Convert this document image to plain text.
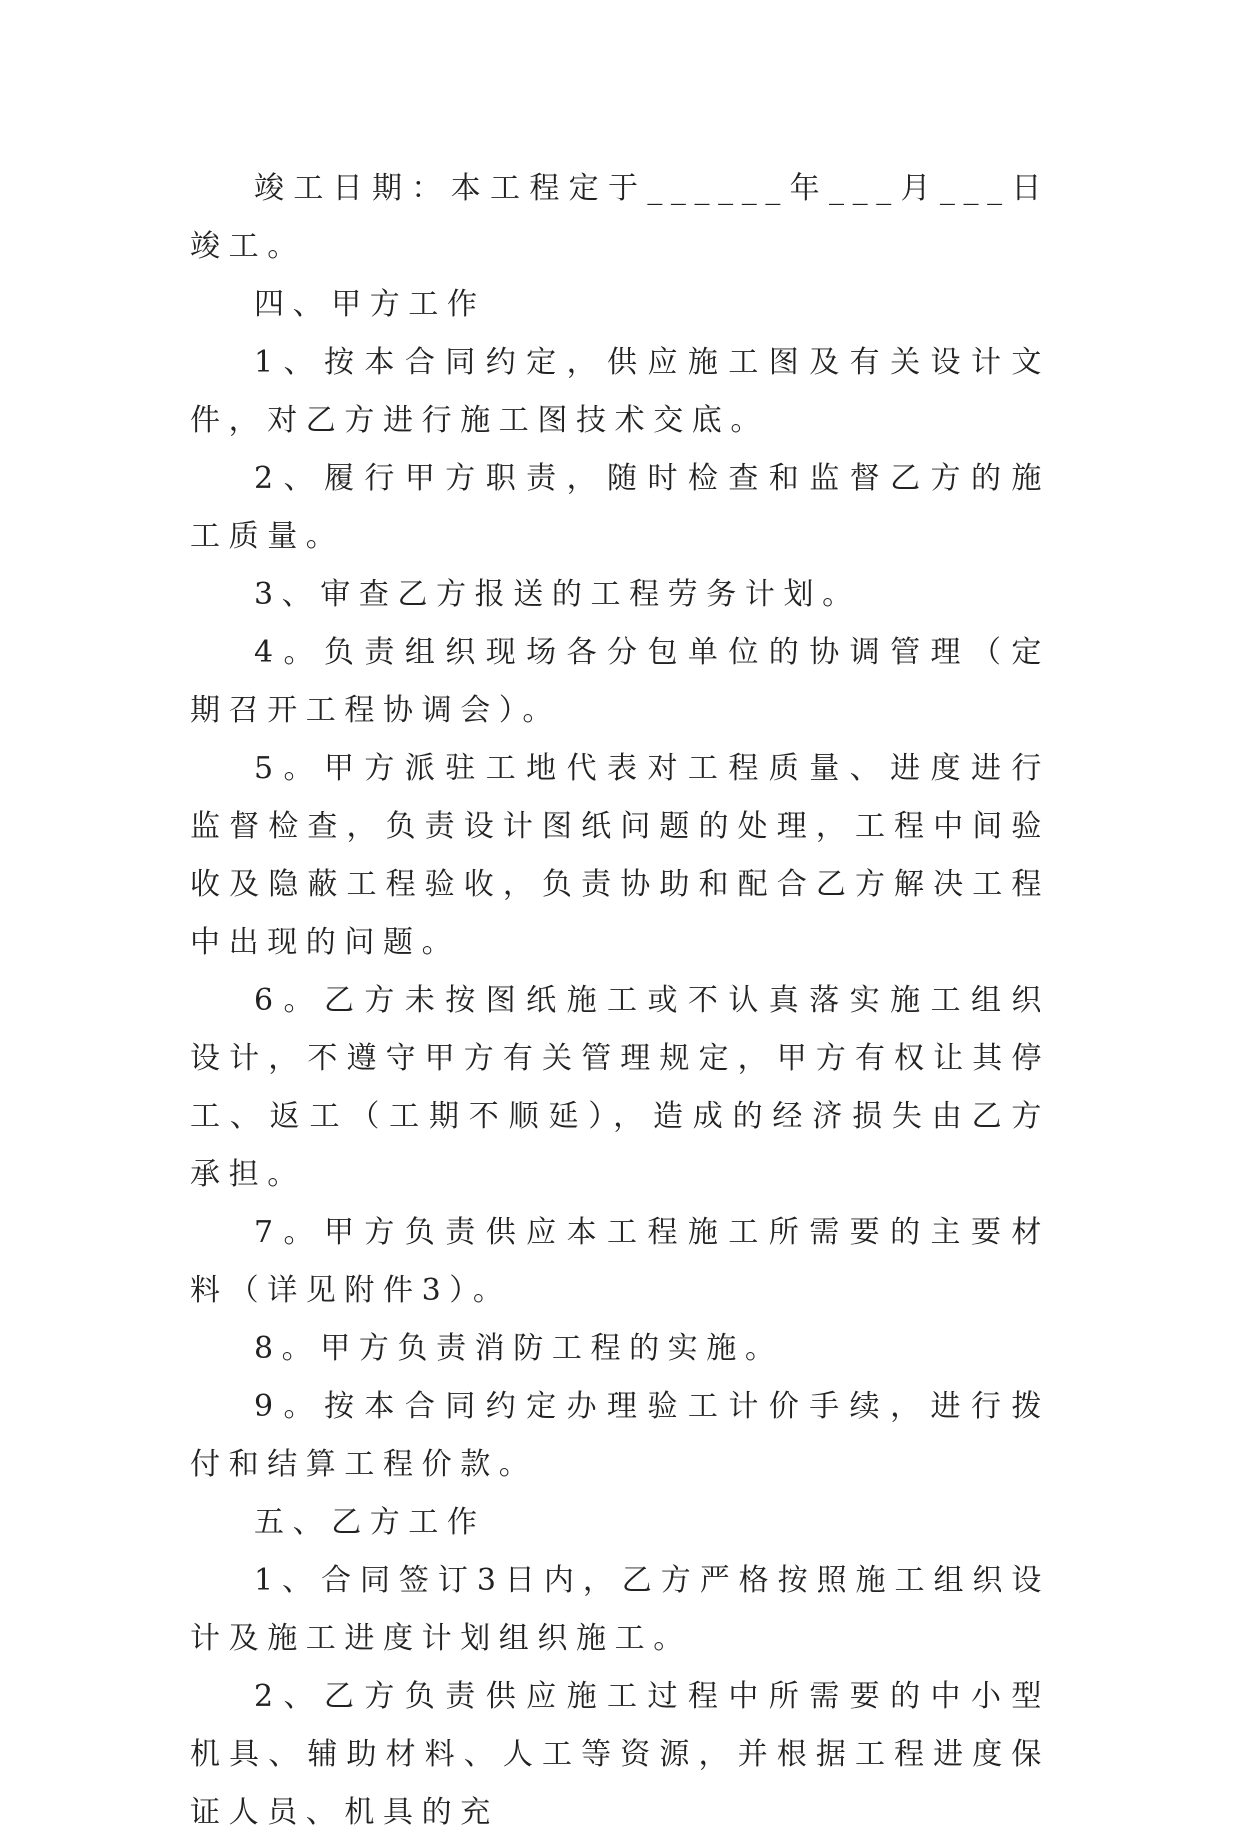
竣工日期：本工程定于______年___月___日竣工。

四、甲方工作

1、按本合同约定，供应施工图及有关设计文件，对乙方进行施工图技术交底。

2、履行甲方职责，随时检查和监督乙方的施工质量。

3、审查乙方报送的工程劳务计划。

4。负责组织现场各分包单位的协调管理（定期召开工程协调会）。

5。甲方派驻工地代表对工程质量、进度进行监督检查，负责设计图纸问题的处理，工程中间验收及隐蔽工程验收，负责协助和配合乙方解决工程中出现的问题。

6。乙方未按图纸施工或不认真落实施工组织设计，不遵守甲方有关管理规定，甲方有权让其停工、返工（工期不顺延），造成的经济损失由乙方承担。

7。甲方负责供应本工程施工所需要的主要材料（详见附件3）。

8。甲方负责消防工程的实施。

9。按本合同约定办理验工计价手续，进行拨付和结算工程价款。

五、乙方工作

1、合同签订3日内，乙方严格按照施工组织设计及施工进度计划组织施工。

2、乙方负责供应施工过程中所需要的中小型机具、辅助材料、人工等资源，并根据工程进度保证人员、机具的充
